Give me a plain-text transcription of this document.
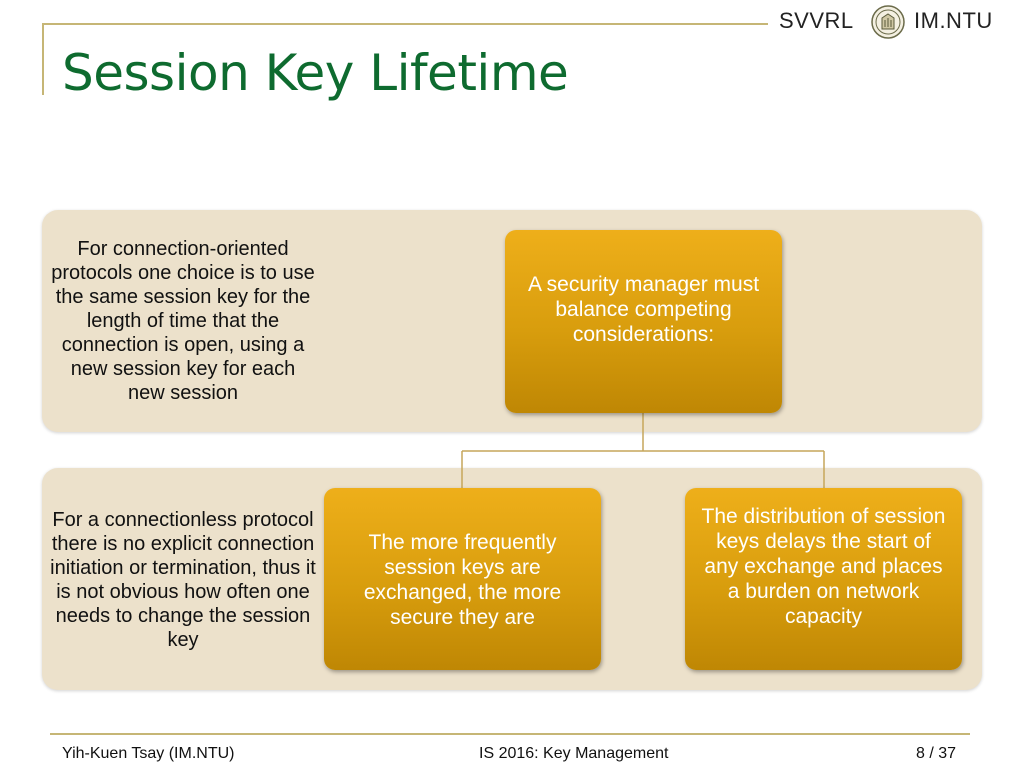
SVVRL	IM.NTU
Session Key Lifetime
For connection-oriented protocols one choice is to use the same session key for the length of time that the connection is open, using a new session key for each new session
For a connectionless protocol there is no explicit connection initiation or termination, thus it is not obvious how often one needs to change the session key
A security manager must balance competing considerations:
The more frequently session keys are exchanged, the more secure they are
The distribution of session keys delays the start of any exchange and places a burden on network capacity
Yih-Kuen Tsay (IM.NTU)	IS 2016: Key Management	8 / 37
